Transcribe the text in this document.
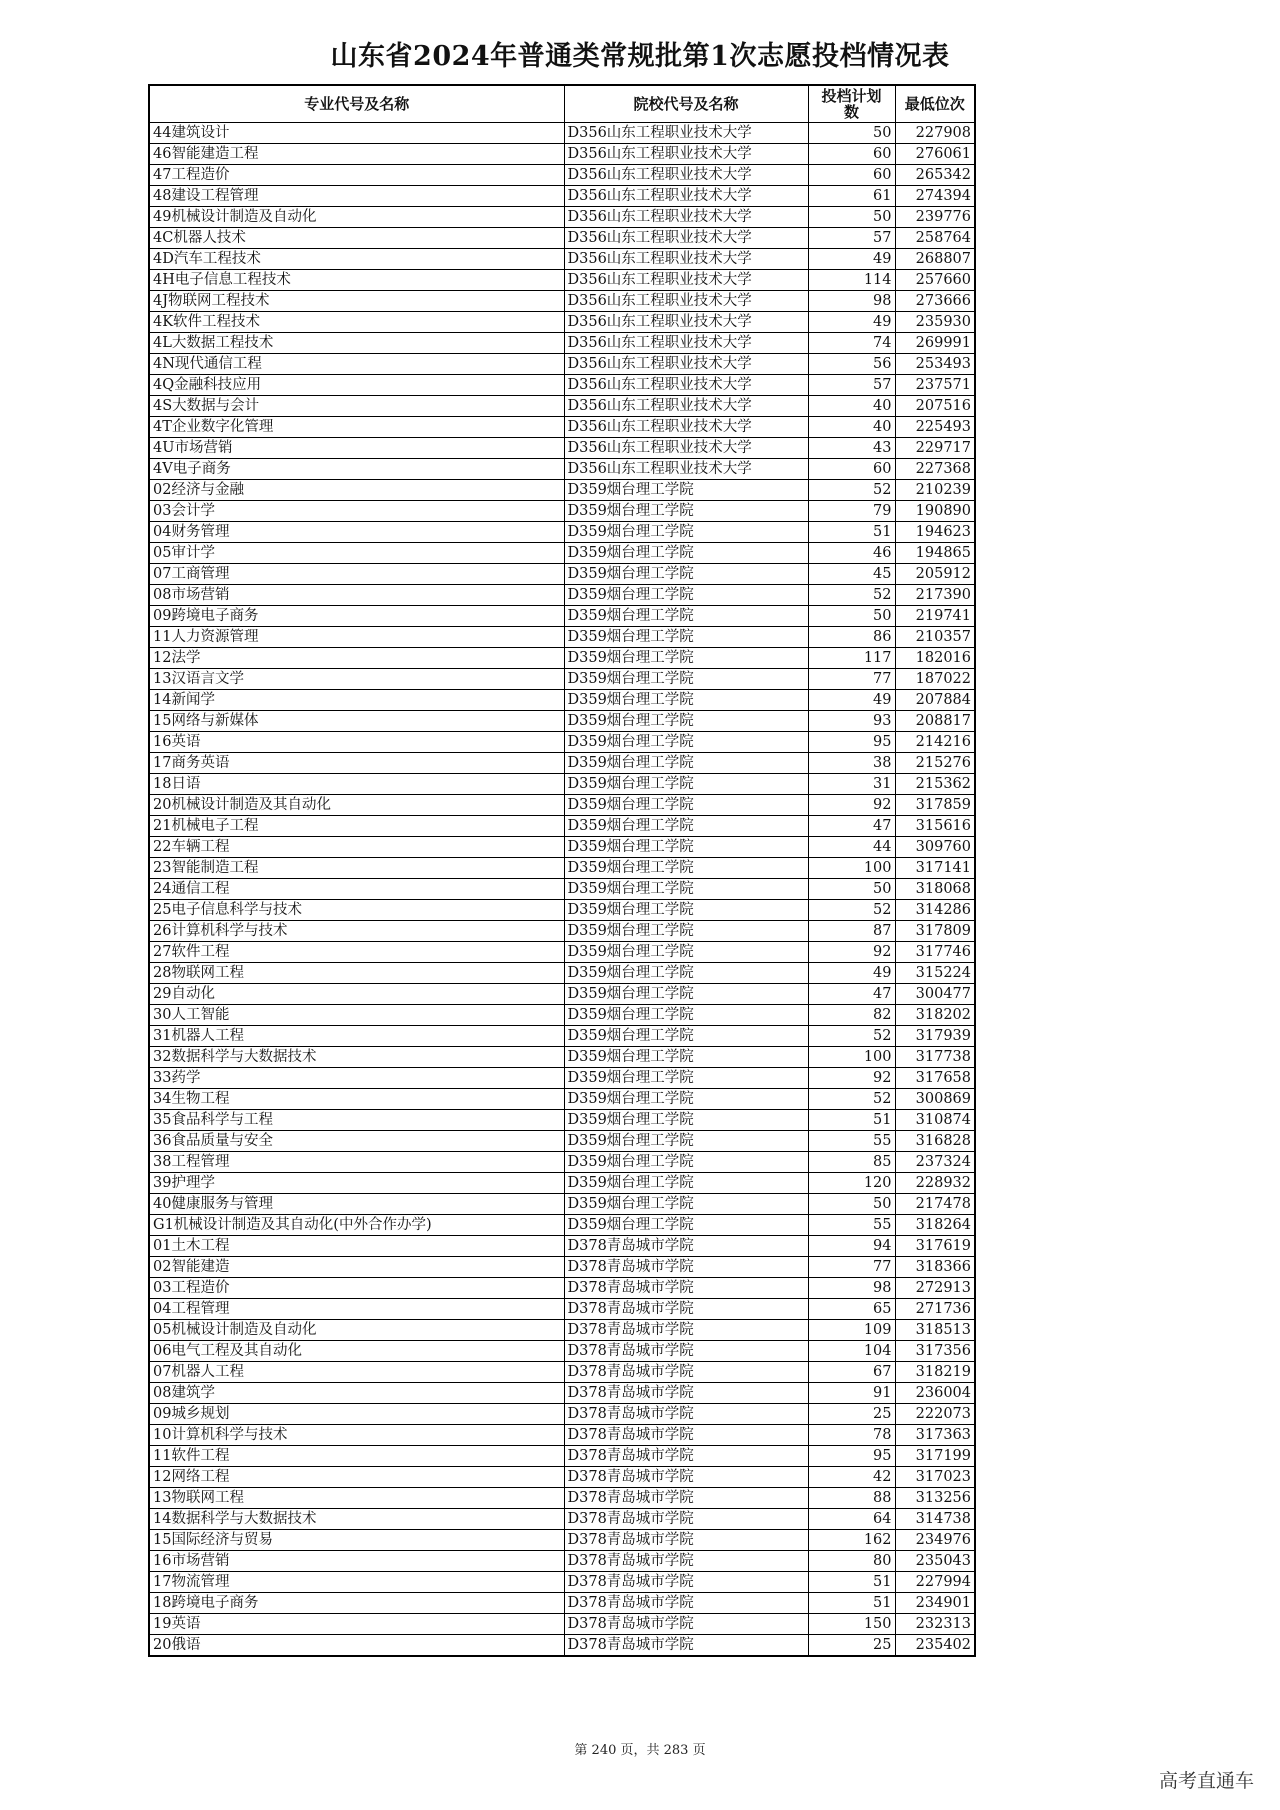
山东省2024年普通类常规批第1次志愿投档情况表
专业代号及名称	院校代号及名称	投档计划数	最低位次
44建筑设计	D356山东工程职业技术大学	50	227908
46智能建造工程	D356山东工程职业技术大学	60	276061
47工程造价	D356山东工程职业技术大学	60	265342
48建设工程管理	D356山东工程职业技术大学	61	274394
49机械设计制造及自动化	D356山东工程职业技术大学	50	239776
4C机器人技术	D356山东工程职业技术大学	57	258764
4D汽车工程技术	D356山东工程职业技术大学	49	268807
4H电子信息工程技术	D356山东工程职业技术大学	114	257660
4J物联网工程技术	D356山东工程职业技术大学	98	273666
4K软件工程技术	D356山东工程职业技术大学	49	235930
4L大数据工程技术	D356山东工程职业技术大学	74	269991
4N现代通信工程	D356山东工程职业技术大学	56	253493
4Q金融科技应用	D356山东工程职业技术大学	57	237571
4S大数据与会计	D356山东工程职业技术大学	40	207516
4T企业数字化管理	D356山东工程职业技术大学	40	225493
4U市场营销	D356山东工程职业技术大学	43	229717
4V电子商务	D356山东工程职业技术大学	60	227368
02经济与金融	D359烟台理工学院	52	210239
03会计学	D359烟台理工学院	79	190890
04财务管理	D359烟台理工学院	51	194623
05审计学	D359烟台理工学院	46	194865
07工商管理	D359烟台理工学院	45	205912
08市场营销	D359烟台理工学院	52	217390
09跨境电子商务	D359烟台理工学院	50	219741
11人力资源管理	D359烟台理工学院	86	210357
12法学	D359烟台理工学院	117	182016
13汉语言文学	D359烟台理工学院	77	187022
14新闻学	D359烟台理工学院	49	207884
15网络与新媒体	D359烟台理工学院	93	208817
16英语	D359烟台理工学院	95	214216
17商务英语	D359烟台理工学院	38	215276
18日语	D359烟台理工学院	31	215362
20机械设计制造及其自动化	D359烟台理工学院	92	317859
21机械电子工程	D359烟台理工学院	47	315616
22车辆工程	D359烟台理工学院	44	309760
23智能制造工程	D359烟台理工学院	100	317141
24通信工程	D359烟台理工学院	50	318068
25电子信息科学与技术	D359烟台理工学院	52	314286
26计算机科学与技术	D359烟台理工学院	87	317809
27软件工程	D359烟台理工学院	92	317746
28物联网工程	D359烟台理工学院	49	315224
29自动化	D359烟台理工学院	47	300477
30人工智能	D359烟台理工学院	82	318202
31机器人工程	D359烟台理工学院	52	317939
32数据科学与大数据技术	D359烟台理工学院	100	317738
33药学	D359烟台理工学院	92	317658
34生物工程	D359烟台理工学院	52	300869
35食品科学与工程	D359烟台理工学院	51	310874
36食品质量与安全	D359烟台理工学院	55	316828
38工程管理	D359烟台理工学院	85	237324
39护理学	D359烟台理工学院	120	228932
40健康服务与管理	D359烟台理工学院	50	217478
G1机械设计制造及其自动化(中外合作办学)	D359烟台理工学院	55	318264
01土木工程	D378青岛城市学院	94	317619
02智能建造	D378青岛城市学院	77	318366
03工程造价	D378青岛城市学院	98	272913
04工程管理	D378青岛城市学院	65	271736
05机械设计制造及自动化	D378青岛城市学院	109	318513
06电气工程及其自动化	D378青岛城市学院	104	317356
07机器人工程	D378青岛城市学院	67	318219
08建筑学	D378青岛城市学院	91	236004
09城乡规划	D378青岛城市学院	25	222073
10计算机科学与技术	D378青岛城市学院	78	317363
11软件工程	D378青岛城市学院	95	317199
12网络工程	D378青岛城市学院	42	317023
13物联网工程	D378青岛城市学院	88	313256
14数据科学与大数据技术	D378青岛城市学院	64	314738
15国际经济与贸易	D378青岛城市学院	162	234976
16市场营销	D378青岛城市学院	80	235043
17物流管理	D378青岛城市学院	51	227994
18跨境电子商务	D378青岛城市学院	51	234901
19英语	D378青岛城市学院	150	232313
20俄语	D378青岛城市学院	25	235402
第 240 页，共 283 页
高考直通车
